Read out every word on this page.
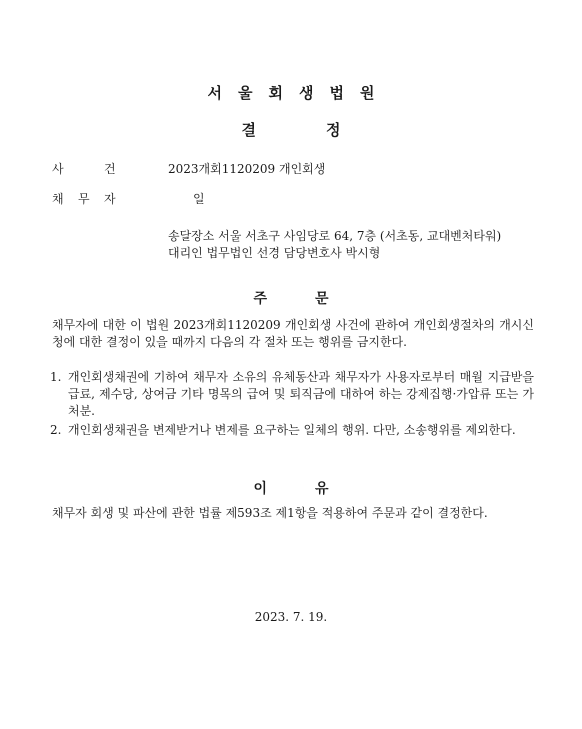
서울회생법원
결	정
사	건	2023개회1120209 개인회생
채 무 자	일
송달장소 서울 서초구 사임당로 64, 7층 (서초동, 교대벤처타워)
대리인 법무법인 선경 담당변호사 박시형
주	문
채무자에 대한 이 법원 2023개회1120209 개인회생 사건에 관하여 개인회생절차의 개시신청에 대한 결정이 있을 때까지 다음의 각 절차 또는 행위를 금지한다.
1. 개인회생채권에 기하여 채무자 소유의 유체동산과 채무자가 사용자로부터 매월 지급받을 급료, 제수당, 상여금 기타 명목의 급여 및 퇴직금에 대하여 하는 강제집행·가압류 또는 가처분.
2. 개인회생채권을 변제받거나 변제를 요구하는 일체의 행위. 다만, 소송행위를 제외한다.
이	유
채무자 회생 및 파산에 관한 법률 제593조 제1항을 적용하여 주문과 같이 결정한다.
2023. 7. 19.
